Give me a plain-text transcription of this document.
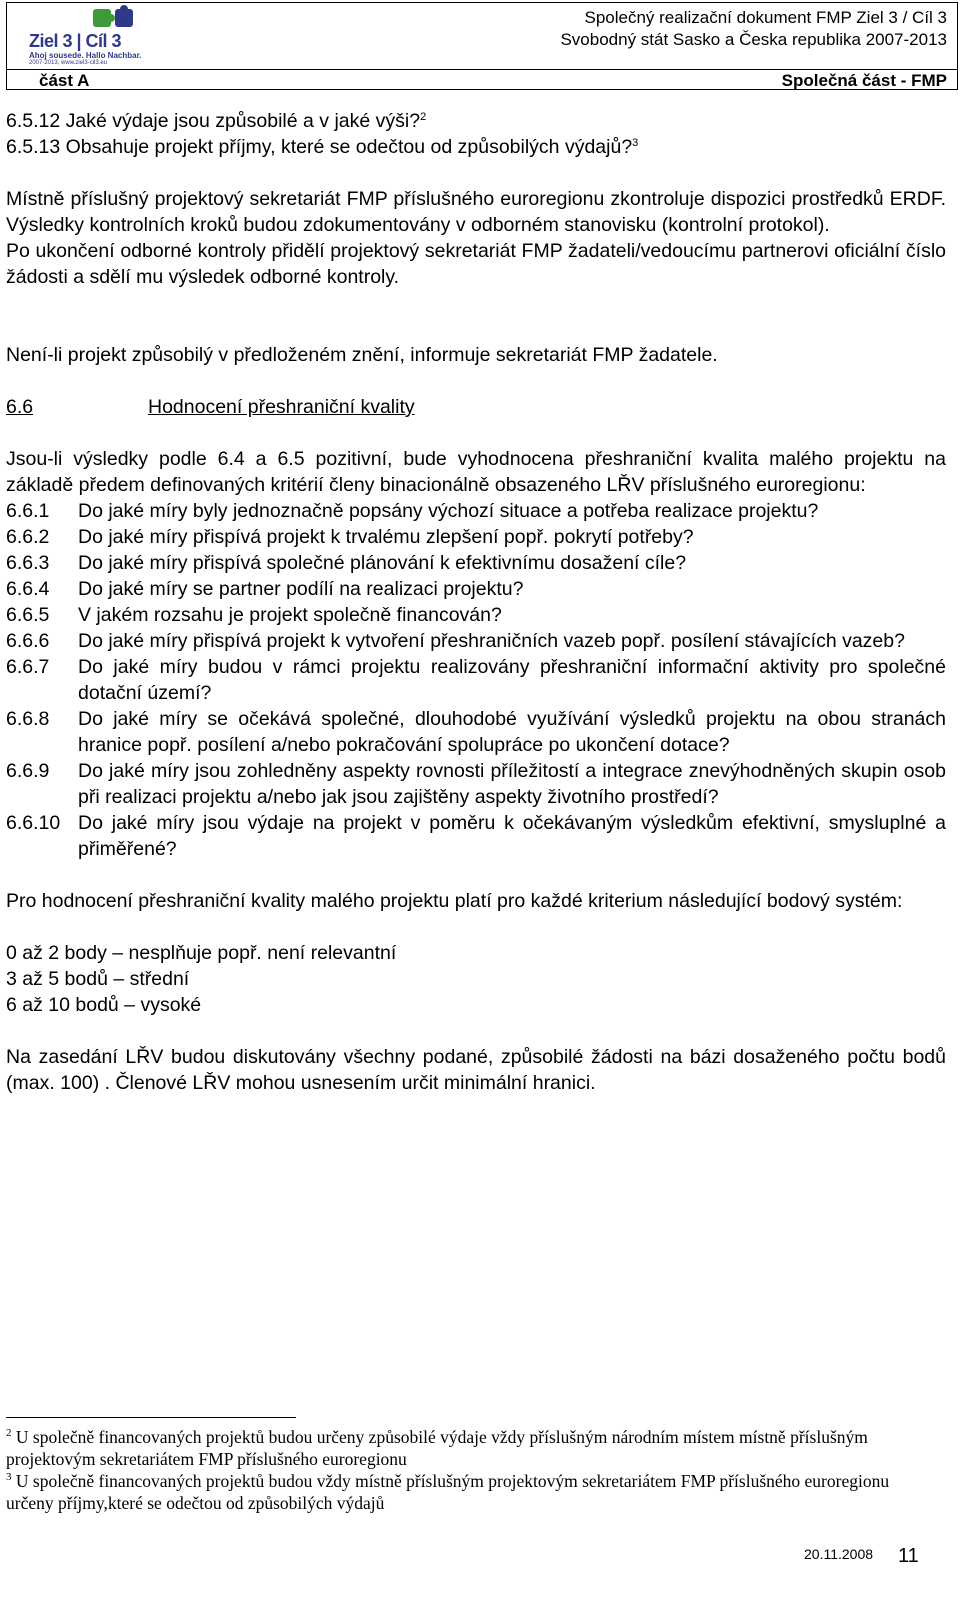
Ziel 3 | Cíl 3
Ahoj sousede. Hallo Nachbar.
2007-2013, www.ziel3-cil3.eu
Společný realizační dokument FMP Ziel 3 / Cíl 3
Svobodný stát Sasko a Česka republika 2007-2013
část A	Společná část - FMP

6.5.12 Jaké výdaje jsou způsobilé a v jaké výši?$^2$

6.5.13 Obsahuje projekt příjmy, které se odečtou od způsobilých výdajů?$^3$

Místně příslušný projektový sekretariát FMP příslušného euroregionu zkontroluje dispozici prostředků ERDF. Výsledky kontrolních kroků budou zdokumentovány v odborném stanovisku (kontrolní protokol).

Po ukončení odborné kontroly přidělí projektový sekretariát FMP žadateli/vedoucímu partnerovi oficiální číslo žádosti a sdělí mu výsledek odborné kontroly.

Není-li projekt způsobilý v předloženém znění, informuje sekretariát FMP žadatele.

6.6	Hodnocení přeshraniční kvality

Jsou-li výsledky podle 6.4 a 6.5 pozitivní, bude vyhodnocena přeshraniční kvalita malého projektu na základě předem definovaných kritérií členy binacionálně obsazeného LŘV příslušného euroregionu:

6.6.1	Do jaké míry byly jednoznačně popsány výchozí situace a potřeba realizace projektu?
6.6.2	Do jaké míry přispívá projekt k trvalému zlepšení popř. pokrytí potřeby?
6.6.3	Do jaké míry přispívá společné plánování k efektivnímu dosažení cíle?
6.6.4	Do jaké míry se partner podílí na realizaci projektu?
6.6.5	V jakém rozsahu je projekt společně financován?
6.6.6	Do jaké míry přispívá projekt k vytvoření přeshraničních vazeb popř. posílení stávajících vazeb?
6.6.7	Do jaké míry budou v rámci projektu realizovány přeshraniční informační aktivity pro společné dotační území?
6.6.8	Do jaké míry se očekává společné, dlouhodobé využívání výsledků projektu na obou stranách hranice popř. posílení a/nebo pokračování spolupráce po ukončení dotace?
6.6.9	Do jaké míry jsou zohledněny aspekty rovnosti příležitostí a integrace znevýhodněných skupin osob při realizaci projektu a/nebo jak jsou zajištěny aspekty životního prostředí?
6.6.10 Do jaké míry jsou výdaje na projekt v poměru k očekávaným výsledkům efektivní, smysluplné a přiměřené?

Pro hodnocení přeshraniční kvality malého projektu platí pro každé kriterium následující bodový systém:

0 až 2 body – nesplňuje popř. není relevantní
3 až 5 bodů – střední
6 až 10 bodů – vysoké

Na zasedání LŘV budou diskutovány všechny podané, způsobilé žádosti na bázi dosaženého počtu bodů (max. 100) . Členové LŘV mohou usnesením určit minimální hranici.

$^2$ U společně financovaných projektů budou určeny způsobilé výdaje vždy příslušným národním místem místně příslušným projektovým sekretariátem FMP příslušného euroregionu

$^3$ U společně financovaných projektů budou vždy místně příslušným projektovým sekretariátem FMP příslušného euroregionu určeny příjmy,které se odečtou od způsobilých výdajů

20.11.2008 11
